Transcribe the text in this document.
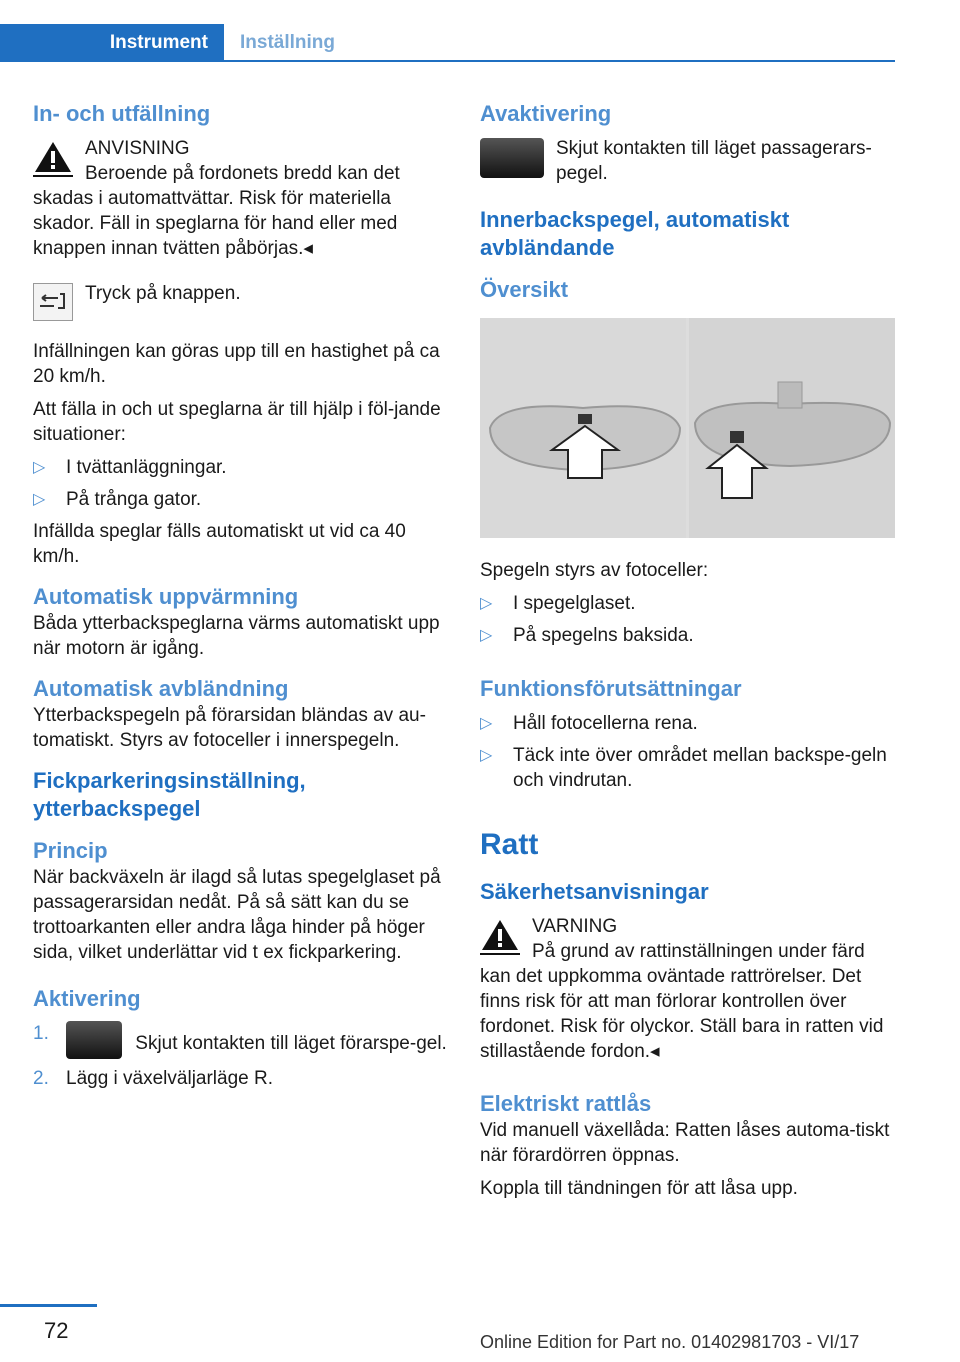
Instrument	Inställning
In- och utfällning

ANVISNING

Beroende på fordonets bredd kan det skadas i automattvättar. Risk för materiella skador. Fäll in speglarna för hand eller med knappen innan tvätten påbörjas.◂

Tryck på knappen.

Infällningen kan göras upp till en hastighet på ca 20 km/h.

Att fälla in och ut speglarna är till hjälp i föl‐jande situationer:

▷ I tvättanläggningar.
▷ På trånga gator.

Infällda speglar fälls automatiskt ut vid ca 40 km/h.

Automatisk uppvärmning

Båda ytterbackspeglarna värms automatiskt upp när motorn är igång.

Automatisk avbländning

Ytterbackspegeln på förarsidan bländas av au‐tomatiskt. Styrs av fotoceller i innerspegeln.

Fickparkeringsinställning, ytterbackspegel
Princip

När backväxeln är ilagd så lutas spegelglaset på passagerarsidan nedåt. På så sätt kan du se trottoarkanten eller andra låga hinder på höger sida, vilket underlättar vid t ex fickparkering.

Aktivering
1.	Skjut kontakten till läget förarspe‐gel.
2. Lägg i växelväljarläge R.
Avaktivering

Skjut kontakten till läget passagerars‐pegel.

Innerbackspegel, automatiskt avbländande
Översikt

Spegeln styrs av fotoceller:

▷ I spegelglaset.
▷ På spegelns baksida.
Funktionsförutsättningar
▷ Håll fotocellerna rena.
▷ Täck inte över området mellan backspe‐geln och vindrutan.
Ratt
Säkerhetsanvisningar

VARNING

På grund av rattinställningen under färd kan det uppkomma oväntade rattrörelser. Det finns risk för att man förlorar kontrollen över fordonet. Risk för olyckor. Ställ bara in ratten vid stillastående fordon.◂

Elektriskt rattlås

Vid manuell växellåda: Ratten låses automa‐tiskt när förardörren öppnas.

Koppla till tändningen för att låsa upp.

72	Online Edition for Part no. 01402981703 - VI/17
